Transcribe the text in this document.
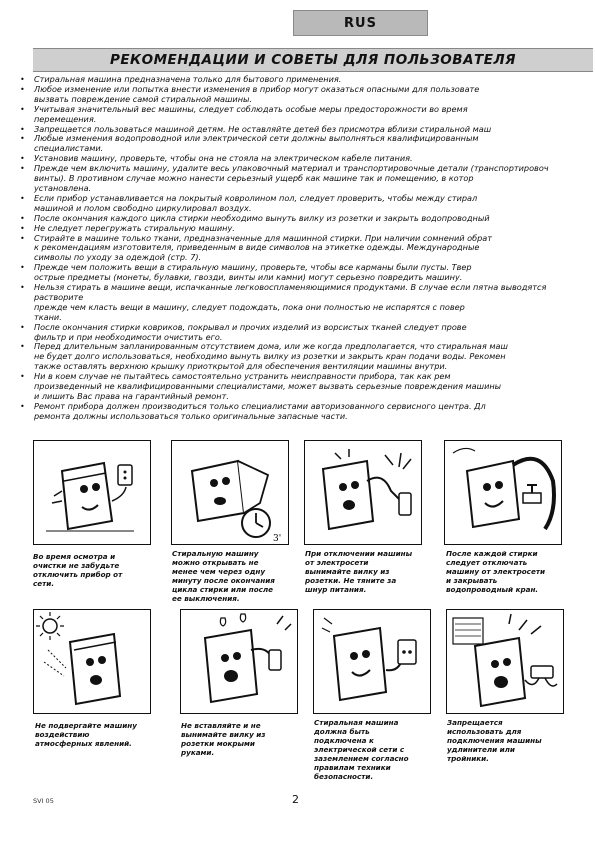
RUS
РЕКОМЕНДАЦИИ И СОВЕТЫ ДЛЯ ПОЛЬЗОВАТЕЛЯ
• Стиральная машина предназначена только для бытового применения.
• Любое изменение или попытка внести изменения в прибор могут оказаться опасными для пользовате
вызвать повреждение самой стиральной машины.
• Учитывая значительный вес машины, следует соблюдать особые меры предосторожности во время
перемещения.
• Запрещается пользоваться машиной детям. Не оставляйте детей без присмотра вблизи стиральной маш
• Любые изменения водопроводной или электрической сети должны выполняться квалифицированным
специалистами.
• Установив машину, проверьте, чтобы она не стояла на электрическом кабеле питания.
• Прежде чем включить машину, удалите весь упаковочный материал и транспортировочные детали (транспортировоч
винты). В противном случае можно нанести серьезный ущерб как машине так и помещению, в котор
установлена.
• Если прибор устанавливается на покрытый ковролином пол, следует проверить, чтобы между стирал
машиной и полом свободно циркулировал воздух.
• После окончания каждого цикла стирки необходимо вынуть вилку из розетки и закрыть водопроводный
• Не следует перегружать стиральную машину.
• Стирайте в машине только ткани, предназначенные для машинной стирки. При наличии сомнений обрат
к рекомендациям изготовителя, приведенным в виде символов на этикетке одежды. Международные
символы по уходу за одеждой (стр. 7).
• Прежде чем положить вещи в стиральную машину, проверьте, чтобы все карманы были пусты. Твер
острые предметы (монеты, булавки, гвозди, винты или камни) могут серьезно повредить машину.
• Нельзя стирать в машине вещи, испачканные легковоспламеняющимися продуктами. В случае если пятна выводятся растворите
прежде чем класть вещи в машину, следует подождать, пока они полностью не испарятся с повер
ткани.
• После окончания стирки ковриков, покрывал и прочих изделий из ворсистых тканей следует прове
фильтр и при необходимости очистить его.
• Перед длительным запланированным отсутствием дома, или же когда предполагается, что стиральная маш
не будет долго использоваться, необходимо вынуть вилку из розетки и закрыть кран подачи воды. Рекомен
также оставлять верхнюю крышку приоткрытой для обеспечения вентиляции машины внутри.
• Ни в коем случае не пытайтесь самостоятельно устранить неисправности прибора, так как рем
произведенный не квалифицированными специалистами, может вызвать серьезные повреждения машины
и лишить Вас права на гарантийный ремонт.
• Ремонт прибора должен производиться только специалистами авторизованного сервисного центра. Дл
ремонта должны использоваться только оригинальные запасные части.
3'

Во время осмотра и
очистки не забудьте
отключить прибор от
сети.

Стиральную машину
можно открывать не
менее чем через одну
минуту после окончания
цикла стирки или после
ее выключения.

При отключении машины
от электросети
вынимайте вилку из
розетки. Не тяните за
шнур питания.

После каждой стирки
следует отключать
машину от электросети
и закрывать
водопроводный кран.

Не подвергайте машину
воздействию
атмосферных явлений.

Не вставляйте и не
вынимайте вилку из
розетки мокрыми
руками.

Стиральная машина
должна быть
подключена к
электрической сети с
заземлением согласно
правилам техники
безопасности.

Запрещается
использовать для
подключения машины
удлинители или
тройники.

SVI 05	2
